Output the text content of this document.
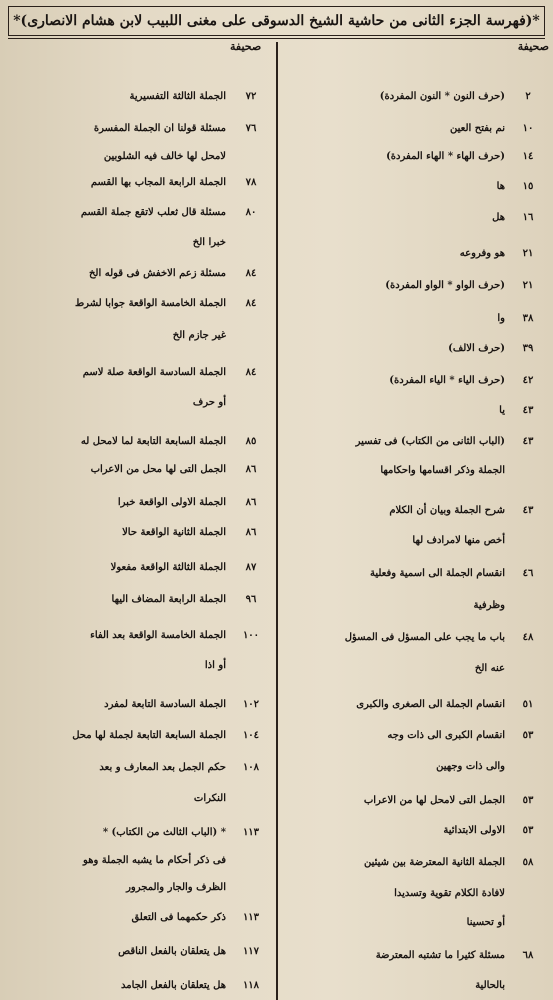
*(فهرسة الجزء الثانى من حاشية الشيخ الدسوقى على مغنى اللبيب لابن هشام الانصارى)*
صحيفة
صحيفة
٢(حرف النون * النون المفردة)
١٠نم بفتح العين
١٤(حرف الهاء * الهاء المفردة)
١٥ها
١٦هل
٢١هو وفروعه
٢١(حرف الواو * الواو المفردة)
٣٨وا
٣٩(حرف الالف)
٤٢(حرف الياء * الياء المفردة)
٤٣يا
٤٣(الباب الثانى من الكتاب) فى تفسير
الجملة وذكر اقسامها واحكامها
٤٣شرح الجملة وبيان أن الكلام
أخص منها لامرادف لها
٤٦انقسام الجملة الى اسمية وفعلية
وظرفية
٤٨باب ما يجب على المسؤل فى المسؤل
عنه الخ
٥١انقسام الجملة الى الصغرى والكبرى
٥٣انقسام الكبرى الى ذات وجه
والى ذات وجهين
٥٣الجمل التى لامحل لها من الاعراب
٥٣الاولى الابتدائية
٥٨الجملة الثانية المعترضة بين شيئين
لافادة الكلام تقوية وتسديدا
أو تحسينا
٦٨مسئلة كثيرا ما تشتبه المعترضة
بالحالية
٧٢الجملة الثالثة التفسيرية
٧٦مسئلة قولنا ان الجملة المفسرة
لامحل لها خالف فيه الشلوبين
٧٨الجملة الرابعة المجاب بها القسم
٨٠مسئلة قال ثعلب لاتقع جملة القسم
خبرا الخ
٨٤مسئلة زعم الاخفش فى قوله الخ
٨٤الجملة الخامسة الواقعة جوابا لشرط
غير جازم الخ
٨٤الجملة السادسة الواقعة صلة لاسم
أو حرف
٨٥الجملة السابعة التابعة لما لامحل له
٨٦الجمل التى لها محل من الاعراب
٨٦الجملة الاولى الواقعة خبرا
٨٦الجملة الثانية الواقعة حالا
٨٧الجملة الثالثة الواقعة مفعولا
٩٦الجملة الرابعة المضاف اليها
١٠٠الجملة الخامسة الواقعة بعد الفاء
أو اذا
١٠٢الجملة السادسة التابعة لمفرد
١٠٤الجملة السابعة التابعة لجملة لها محل
١٠٨حكم الجمل بعد المعارف و بعد
النكرات
١١٣* (الباب الثالث من الكتاب) *
فى ذكر أحكام ما يشبه الجملة وهو
الظرف والجار والمجرور
١١٣ذكر حكمهما فى التعلق
١١٧هل يتعلقان بالفعل الناقص
١١٨هل يتعلقان بالفعل الجامد
